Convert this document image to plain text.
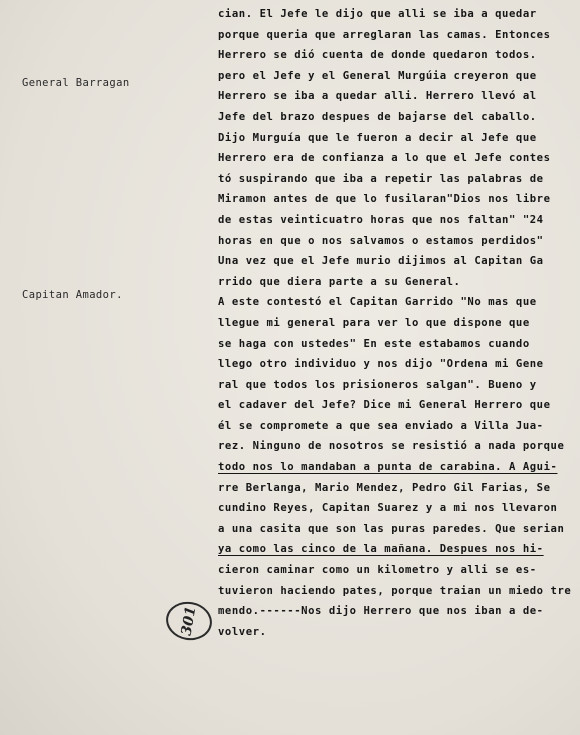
General Barragan
Capitan Amador.
cian. El Jefe le dijo que alli se iba a quedar
porque queria que arreglaran las camas. Entonces
Herrero se dió cuenta de donde quedaron todos.
pero el Jefe y el General Murgúia creyeron que
Herrero se iba a quedar alli. Herrero llevó al
Jefe del brazo despues de bajarse del caballo.
Dijo Murguía que le fueron a decir al Jefe que
Herrero era de confianza a lo que el Jefe contes
tó suspirando que iba a repetir las palabras de
Miramon antes de que lo fusilaran"Dios nos libre
de estas veinticuatro horas que nos faltan" "24
horas en que o nos salvamos o estamos perdidos"
Una vez que el Jefe murio dijimos al Capitan Ga
rrido que diera parte a su General.
A este contestó el Capitan Garrido "No mas que
llegue mi general para ver lo que dispone que
se haga con ustedes" En este estabamos cuando
llego otro individuo y nos dijo "Ordena mi Gene
ral que todos los prisioneros salgan". Bueno y
el cadaver del Jefe? Dice mi General Herrero que
él se compromete a que sea enviado a Villa Jua-
rez. Ninguno de nosotros se resistió a nada porque
todo nos lo mandaban a punta de carabina. A Agui-
rre Berlanga, Mario Mendez, Pedro Gil Farias, Se
cundino Reyes, Capitan Suarez y a mi nos llevaron
a una casita que son las puras paredes. Que serian
ya como las cinco de la mañana. Despues nos hi-
cieron caminar como un kilometro y alli se es-
tuvieron haciendo pates, porque traian un miedo tre
mendo.------Nos dijo Herrero que nos iban a de-
volver.
301
